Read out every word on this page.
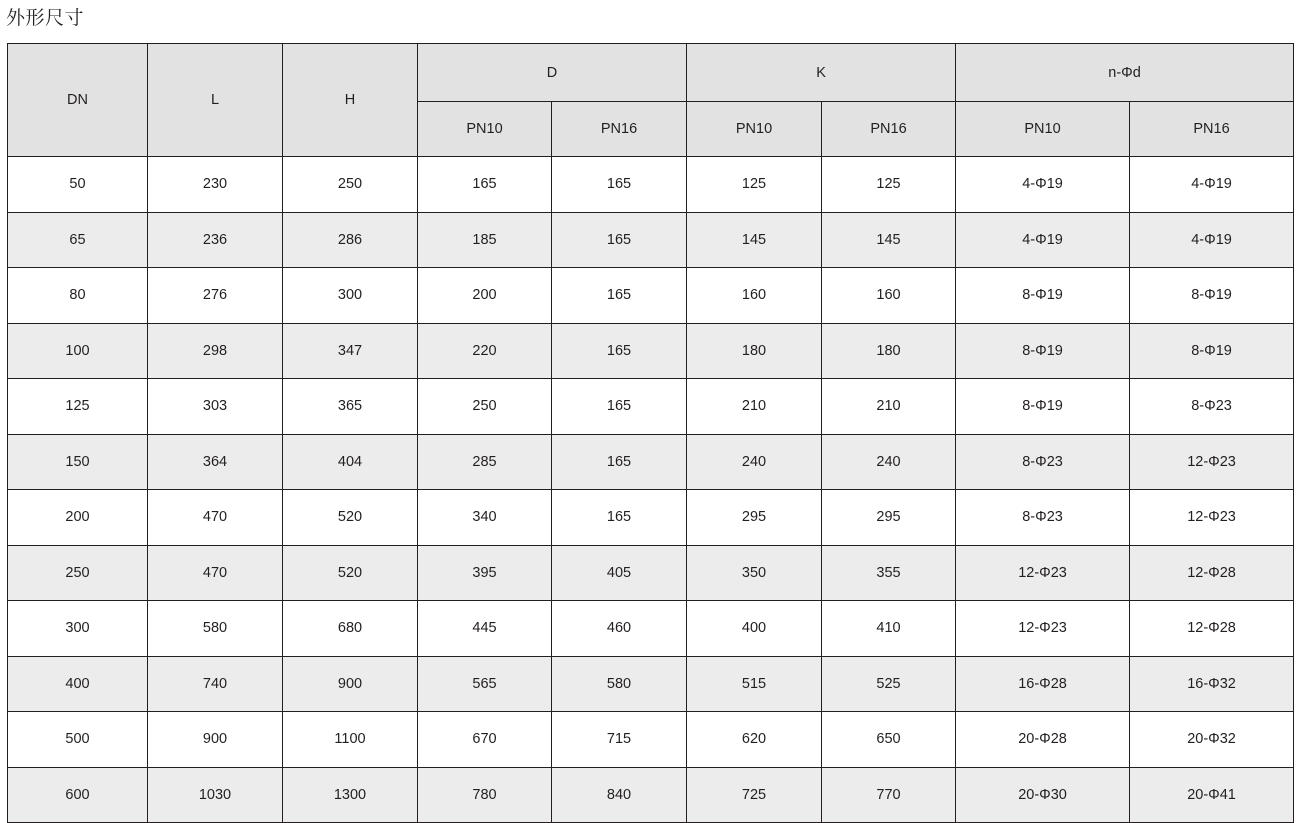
外形尺寸
DN	L	H	D		K		n-Φd	
			PN10	PN16	PN10	PN16	PN10	PN16
50	230	250	165	165	125	125	4-Φ19	4-Φ19
65	236	286	185	165	145	145	4-Φ19	4-Φ19
80	276	300	200	165	160	160	8-Φ19	8-Φ19
100	298	347	220	165	180	180	8-Φ19	8-Φ19
125	303	365	250	165	210	210	8-Φ19	8-Φ23
150	364	404	285	165	240	240	8-Φ23	12-Φ23
200	470	520	340	165	295	295	8-Φ23	12-Φ23
250	470	520	395	405	350	355	12-Φ23	12-Φ28
300	580	680	445	460	400	410	12-Φ23	12-Φ28
400	740	900	565	580	515	525	16-Φ28	16-Φ32
500	900	1100	670	715	620	650	20-Φ28	20-Φ32
600	1030	1300	780	840	725	770	20-Φ30	20-Φ41
